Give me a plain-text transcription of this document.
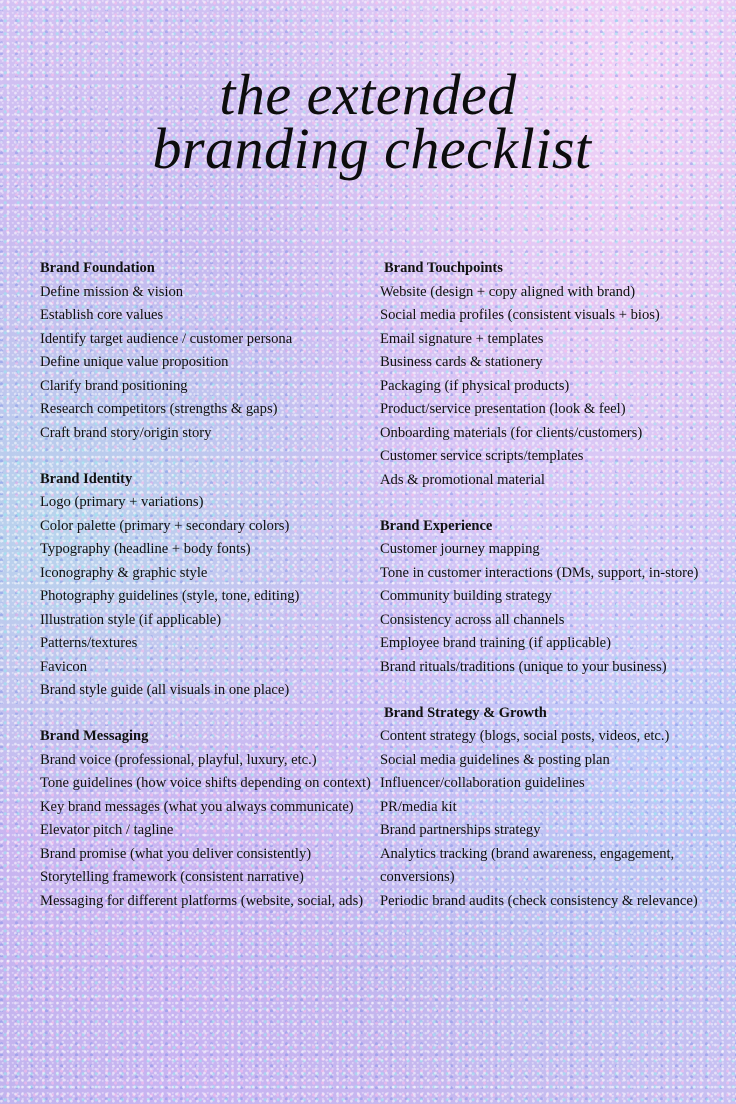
the extended
branding checklist
Brand Foundation
Define mission & vision
Establish core values
Identify target audience / customer persona
Define unique value proposition
Clarify brand positioning
Research competitors (strengths & gaps)
Craft brand story/origin story
Brand Identity
Logo (primary + variations)
Color palette (primary + secondary colors)
Typography (headline + body fonts)
Iconography & graphic style
Photography guidelines (style, tone, editing)
Illustration style (if applicable)
Patterns/textures
Favicon
Brand style guide (all visuals in one place)
Brand Messaging
Brand voice (professional, playful, luxury, etc.)
Tone guidelines (how voice shifts depending on context)
Key brand messages (what you always communicate)
Elevator pitch / tagline
Brand promise (what you deliver consistently)
Storytelling framework (consistent narrative)
Messaging for different platforms (website, social, ads)
Brand Touchpoints
Website (design + copy aligned with brand)
Social media profiles (consistent visuals + bios)
Email signature + templates
Business cards & stationery
Packaging (if physical products)
Product/service presentation (look & feel)
Onboarding materials (for clients/customers)
Customer service scripts/templates
Ads & promotional material
Brand Experience
Customer journey mapping
Tone in customer interactions (DMs, support, in-store)
Community building strategy
Consistency across all channels
Employee brand training (if applicable)
Brand rituals/traditions (unique to your business)
Brand Strategy & Growth
Content strategy (blogs, social posts, videos, etc.)
Social media guidelines & posting plan
Influencer/collaboration guidelines
PR/media kit
Brand partnerships strategy
Analytics tracking (brand awareness, engagement, conversions)
Periodic brand audits (check consistency & relevance)
